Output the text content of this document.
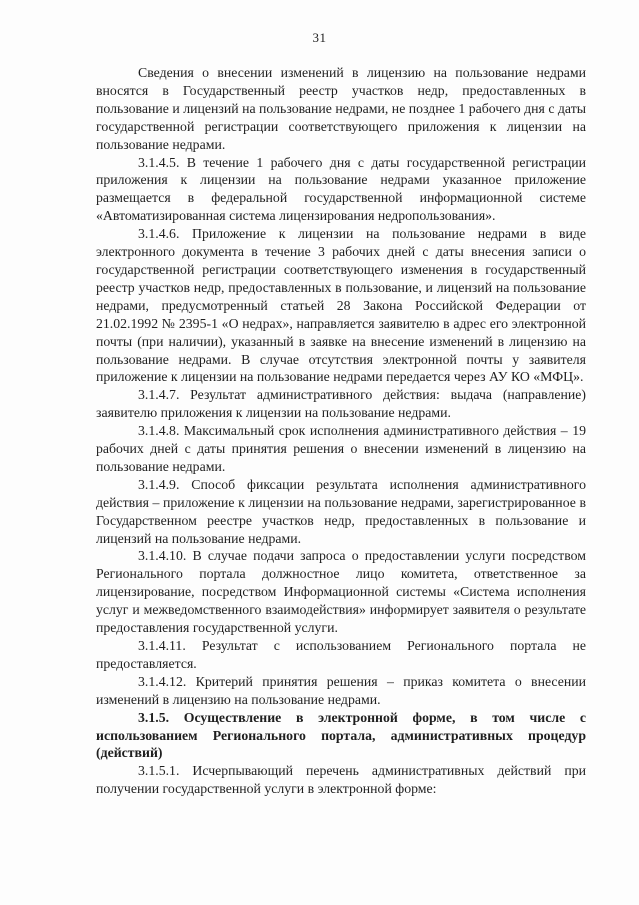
31

Сведения о внесении изменений в лицензию на пользование недрами вносятся в Государственный реестр участков недр, предоставленных в пользование и лицензий на пользование недрами, не позднее 1 рабочего дня с даты государственной регистрации соответствующего приложения к лицензии на пользование недрами.

3.1.4.5. В течение 1 рабочего дня с даты государственной регистрации приложения к лицензии на пользование недрами указанное приложение размещается в федеральной государственной информационной системе «Автоматизированная система лицензирования недропользования».

3.1.4.6. Приложение к лицензии на пользование недрами в виде электронного документа в течение 3 рабочих дней с даты внесения записи о государственной регистрации соответствующего изменения в государственный реестр участков недр, предоставленных в пользование, и лицензий на пользование недрами, предусмотренный статьей 28 Закона Российской Федерации от 21.02.1992 № 2395-1 «О недрах», направляется заявителю в адрес его электронной почты (при наличии), указанный в заявке на внесение изменений в лицензию на пользование недрами. В случае отсутствия электронной почты у заявителя приложение к лицензии на пользование недрами передается через АУ КО «МФЦ».

3.1.4.7. Результат административного действия: выдача (направление) заявителю приложения к лицензии на пользование недрами.

3.1.4.8. Максимальный срок исполнения административного действия – 19 рабочих дней с даты принятия решения о внесении изменений в лицензию на пользование недрами.

3.1.4.9. Способ фиксации результата исполнения административного действия – приложение к лицензии на пользование недрами, зарегистрированное в Государственном реестре участков недр, предоставленных в пользование и лицензий на пользование недрами.

3.1.4.10. В случае подачи запроса о предоставлении услуги посредством Регионального портала должностное лицо комитета, ответственное за лицензирование, посредством Информационной системы «Система исполнения услуг и межведомственного взаимодействия» информирует заявителя о результате предоставления государственной услуги.

3.1.4.11. Результат с использованием Регионального портала не предоставляется.

3.1.4.12. Критерий принятия решения – приказ комитета о внесении изменений в лицензию на пользование недрами.

3.1.5. Осуществление в электронной форме, в том числе с использованием Регионального портала, административных процедур (действий)

3.1.5.1. Исчерпывающий перечень административных действий при получении государственной услуги в электронной форме:
